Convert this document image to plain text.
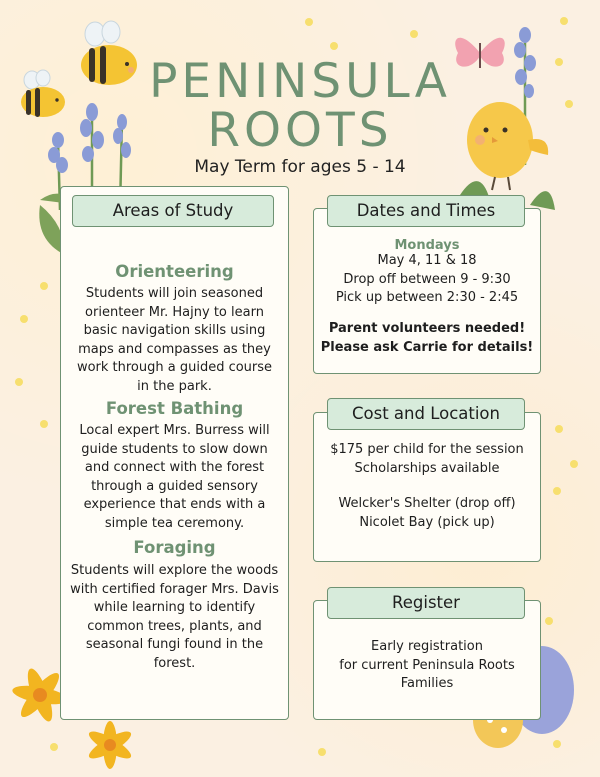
PENINSULA
ROOTS
May Term for ages 5 - 14
Orienteering
Students will join seasoned
orienteer Mr. Hajny to learn
basic navigation skills using
maps and compasses as they
work through a guided course
in the park.
Forest Bathing
Local expert Mrs. Burress will
guide students to slow down
and connect with the forest
through a guided sensory
experience that ends with a
simple tea ceremony.
Foraging
Students will explore the woods
with certified forager Mrs. Davis
while learning to identify
common trees, plants, and
seasonal fungi found in the
forest.
Areas of Study
Mondays
May 4, 11 & 18
Drop off between 9 - 9:30
Pick up between 2:30 - 2:45
Parent volunteers needed!
Please ask Carrie for details!
Dates and Times
$175 per child for the session
Scholarships available
Welcker's Shelter (drop off)
Nicolet Bay (pick up)
Cost and Location
Early registration
for current Peninsula Roots
Families
Register
